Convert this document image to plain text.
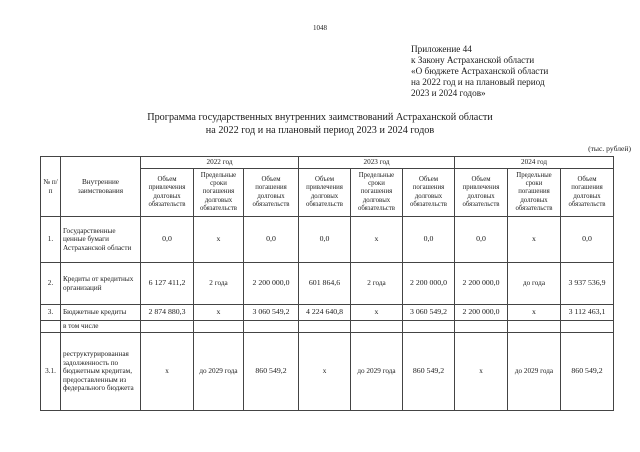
1048
Приложение 44
к Закону Астраханской области
«О бюджете Астраханской области
на 2022 год и на плановый период
2023 и 2024 годов»
Программа государственных внутренних заимствований Астраханской области
на 2022 год и на плановый период 2023 и 2024 годов
(тыс. рублей)
№ п/п	Внутренние заимствования	2022 год			2023 год			2024 год		
		Объем привлечения долговых обязательств	Предельные сроки погашения долговых обязательств	Объем погашения долговых обязательств	Объем привлечения долговых обязательств	Предельные сроки погашения долговых обязательств	Объем погашения долговых обязательств	Объем привлечения долговых обязательств	Предельные сроки погашения долговых обязательств	Объем погашения долговых обязательств
1.	Государственные ценные бумаги Астраханской области	0,0	х	0,0	0,0	х	0,0	0,0	х	0,0
2.	Кредиты от кредитных организаций	6 127 411,2	2 года	2 200 000,0	601 864,6	2 года	2 200 000,0	2 200 000,0	до года	3 937 536,9
3.	Бюджетные кредиты	2 874 880,3	х	3 060 549,2	4 224 640,8	х	3 060 549,2	2 200 000,0	х	3 112 463,1
	в том числе									
3.1.	реструктурированная задолженность по бюджетным кредитам, предоставленным из федерального бюджета	х	до 2029 года	860 549,2	х	до 2029 года	860 549,2	х	до 2029 года	860 549,2
